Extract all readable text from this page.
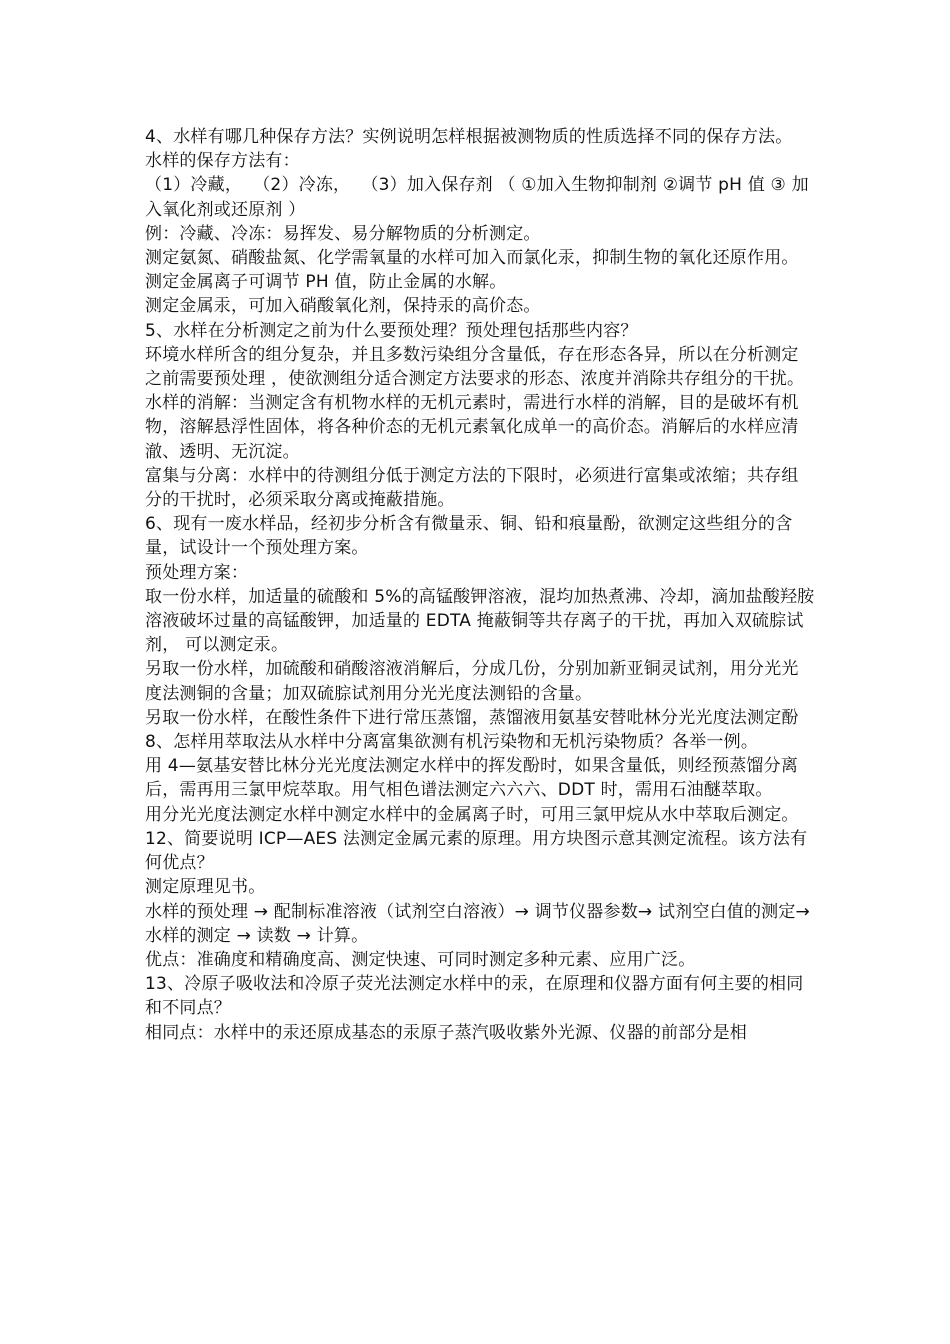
4、水样有哪几种保存方法？实例说明怎样根据被测物质的性质选择不同的保存方法。

水样的保存方法有：

（1）冷藏，  （2）冷冻，  （3）加入保存剂 （ ①加入生物抑制剂 ②调节 pH 值 ③ 加入氧化剂或还原剂 ）

例：冷藏、冷冻：易挥发、易分解物质的分析测定。

测定氨氮、硝酸盐氮、化学需氧量的水样可加入而氯化汞，抑制生物的氧化还原作用。

测定金属离子可调节 PH 值，防止金属的水解。

测定金属汞，可加入硝酸氧化剂，保持汞的高价态。

5、水样在分析测定之前为什么要预处理？预处理包括那些内容？

环境水样所含的组分复杂，并且多数污染组分含量低，存在形态各异，所以在分析测定之前需要预处理 ，使欲测组分适合测定方法要求的形态、浓度并消除共存组分的干扰。

水样的消解：当测定含有机物水样的无机元素时，需进行水样的消解，目的是破坏有机物，溶解悬浮性固体，将各种价态的无机元素氧化成单一的高价态。消解后的水样应清澈、透明、无沉淀。

富集与分离：水样中的待测组分低于测定方法的下限时，必须进行富集或浓缩；共存组分的干扰时，必须采取分离或掩蔽措施。

6、现有一废水样品，经初步分析含有微量汞、铜、铅和痕量酚，欲测定这些组分的含量，试设计一个预处理方案。

预处理方案：

取一份水样，加适量的硫酸和 5%的高锰酸钾溶液，混均加热煮沸、冷却，滴加盐酸羟胺溶液破坏过量的高锰酸钾，加适量的 EDTA 掩蔽铜等共存离子的干扰，再加入双硫腙试剂， 可以测定汞。

另取一份水样，加硫酸和硝酸溶液消解后，分成几份，分别加新亚铜灵试剂，用分光光度法测铜的含量；加双硫腙试剂用分光光度法测铅的含量。

另取一份水样，在酸性条件下进行常压蒸馏，蒸馏液用氨基安替吡林分光光度法测定酚

8、怎样用萃取法从水样中分离富集欲测有机污染物和无机污染物质？各举一例。

用 4—氨基安替比林分光光度法测定水样中的挥发酚时，如果含量低，则经预蒸馏分离后，需再用三氯甲烷萃取。用气相色谱法测定六六六、DDT 时，需用石油醚萃取。

用分光光度法测定水样中测定水样中的金属离子时，可用三氯甲烷从水中萃取后测定。

12、简要说明 ICP—AES 法测定金属元素的原理。用方块图示意其测定流程。该方法有何优点？

测定原理见书。

水样的预处理 → 配制标准溶液（试剂空白溶液）→ 调节仪器参数→ 试剂空白值的测定→ 水样的测定 → 读数 → 计算。

优点：准确度和精确度高、测定快速、可同时测定多种元素、应用广泛。

13、冷原子吸收法和冷原子荧光法测定水样中的汞，在原理和仪器方面有何主要的相同和不同点？

相同点：水样中的汞还原成基态的汞原子蒸汽吸收紫外光源、仪器的前部分是相
